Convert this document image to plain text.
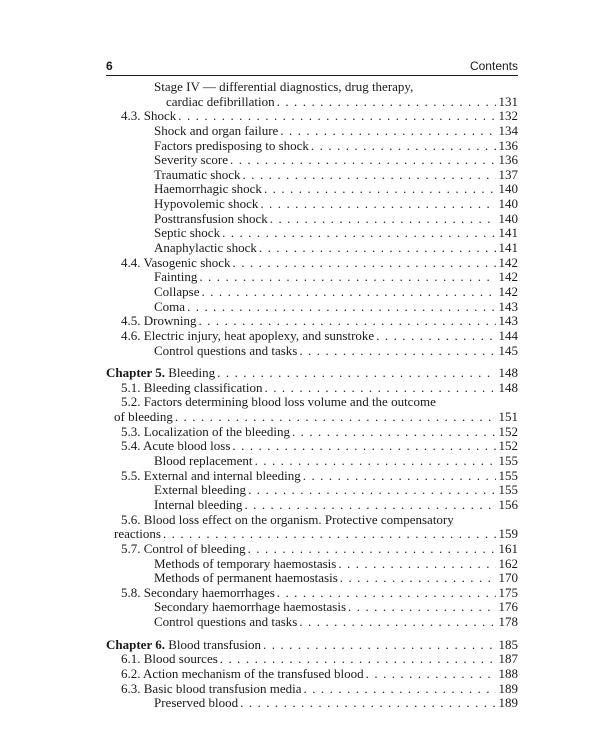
6	Contents
Stage IV — differential diagnostics, drug therapy,
cardiac defibrillation . . .	131
4.3. Shock . . .	132
Shock and organ failure . . .	134
Factors predisposing to shock . . .	136
Severity score . . .	136
Traumatic shock . . .	137
Haemorrhagic shock . . .	140
Hypovolemic shock . . .	140
Posttransfusion shock . . .	140
Septic shock . . .	141
Anaphylactic shock . . .	141
4.4. Vasogenic shock . . .	142
Fainting . . .	142
Collapse . . .	142
Coma . . .	143
4.5. Drowning . . .	143
4.6. Electric injury, heat apoplexy, and sunstroke . . .	144
Control questions and tasks . . .	145
Chapter 5. Bleeding . . .	148
5.1. Bleeding classification . . .	148
5.2. Factors determining blood loss volume and the outcome
of bleeding . . .	151
5.3. Localization of the bleeding . . .	152
5.4. Acute blood loss . . .	152
Blood replacement . . .	155
5.5. External and internal bleeding . . .	155
External bleeding . . .	155
Internal bleeding . . .	156
5.6. Blood loss effect on the organism. Protective compensatory
reactions . . .	159
5.7. Control of bleeding . . .	161
Methods of temporary haemostasis . . .	162
Methods of permanent haemostasis . . .	170
5.8. Secondary haemorrhages . . .	175
Secondary haemorrhage haemostasis . . .	176
Control questions and tasks . . .	178
Chapter 6. Blood transfusion . . .	185
6.1. Blood sources . . .	187
6.2. Action mechanism of the transfused blood . . .	188
6.3. Basic blood transfusion media . . .	189
Preserved blood . . .	189
